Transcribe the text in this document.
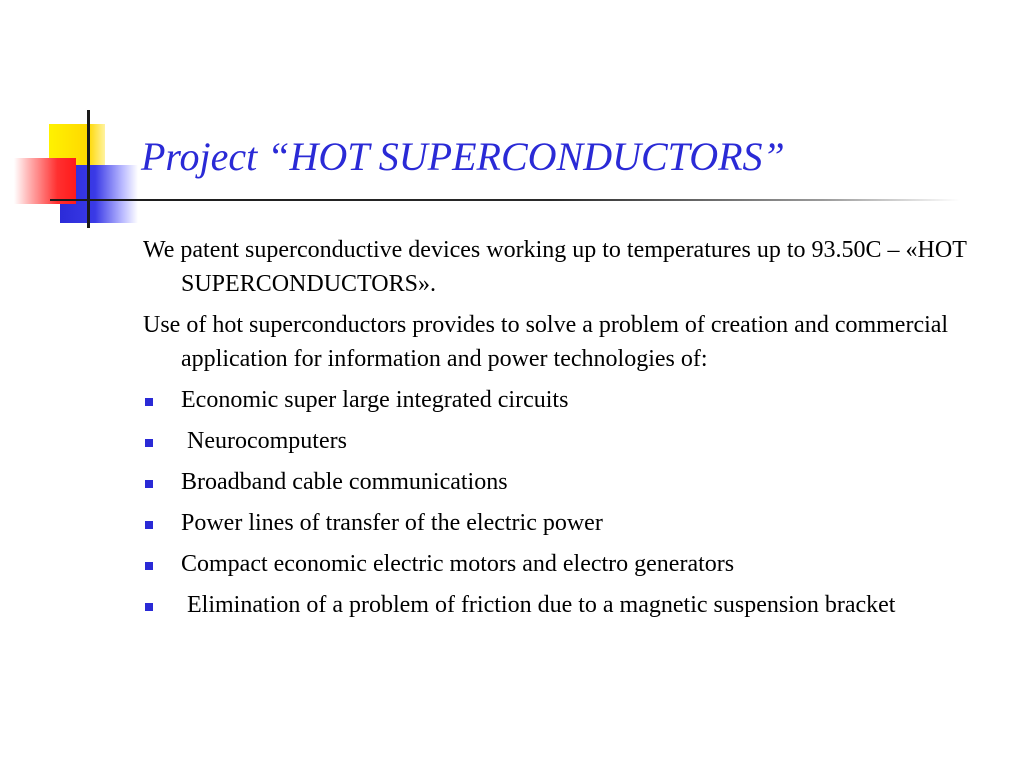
Project “HOT SUPERCONDUCTORS”

We patent superconductive devices working up to temperatures up to 93.50C – «HOT SUPERCONDUCTORS».

Use of hot superconductors provides to solve a problem of creation and commercial application for information and power technologies of:

Economic super large integrated circuits
Neurocomputers
Broadband cable communications
Power lines of transfer of the electric power
Compact economic electric motors and electro generators
Elimination of a problem of friction due to a magnetic suspension bracket
